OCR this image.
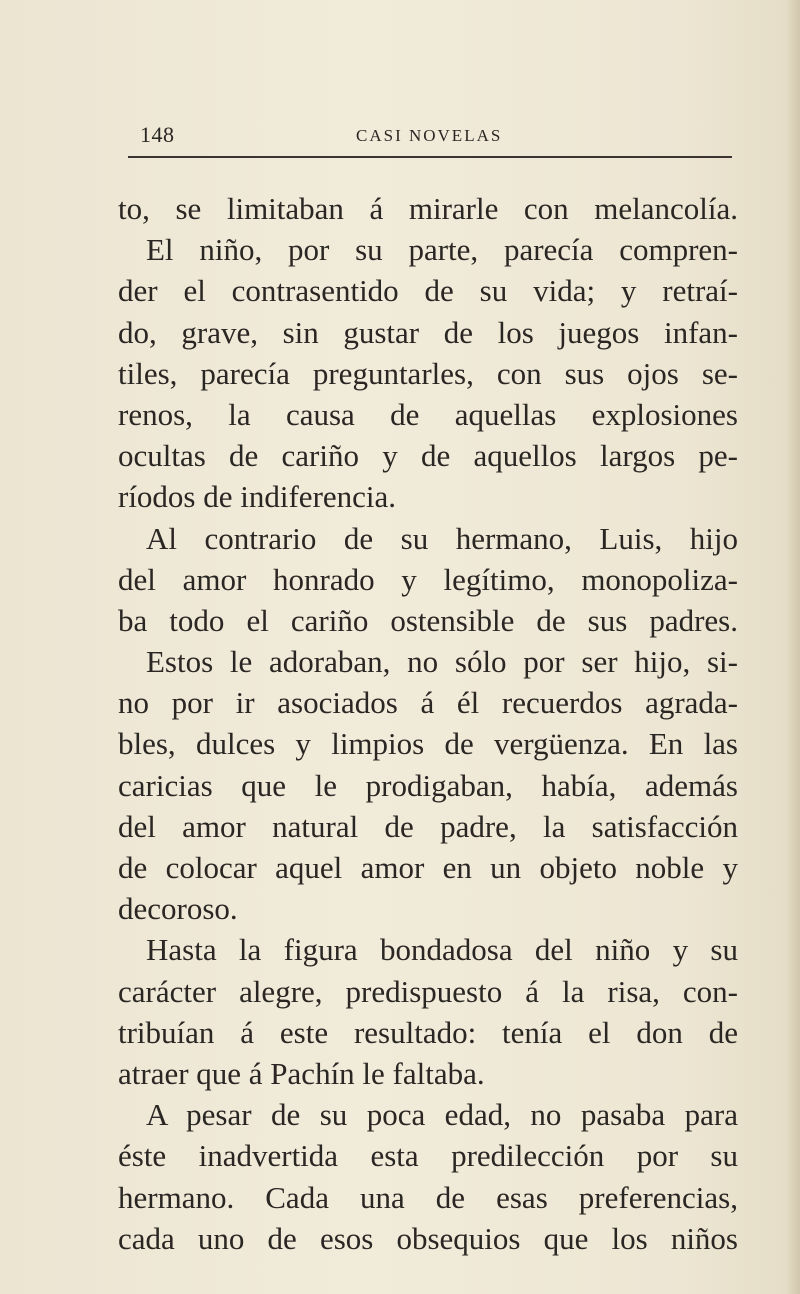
148	CASI NOVELAS
to, se limitaban á mirarle con melancolía.
El niño, por su parte, parecía compren-
der el contrasentido de su vida; y retraí-
do, grave, sin gustar de los juegos infan-
tiles, parecía preguntarles, con sus ojos se-
renos, la causa de aquellas explosiones
ocultas de cariño y de aquellos largos pe-
ríodos de indiferencia.
Al contrario de su hermano, Luis, hijo
del amor honrado y legítimo, monopoliza-
ba todo el cariño ostensible de sus padres.
Estos le adoraban, no sólo por ser hijo, si-
no por ir asociados á él recuerdos agrada-
bles, dulces y limpios de vergüenza. En las
caricias que le prodigaban, había, además
del amor natural de padre, la satisfacción
de colocar aquel amor en un objeto noble y
decoroso.
Hasta la figura bondadosa del niño y su
carácter alegre, predispuesto á la risa, con-
tribuían á este resultado: tenía el don de
atraer que á Pachín le faltaba.
A pesar de su poca edad, no pasaba para
éste inadvertida esta predilección por su
hermano. Cada una de esas preferencias,
cada uno de esos obsequios que los niños
